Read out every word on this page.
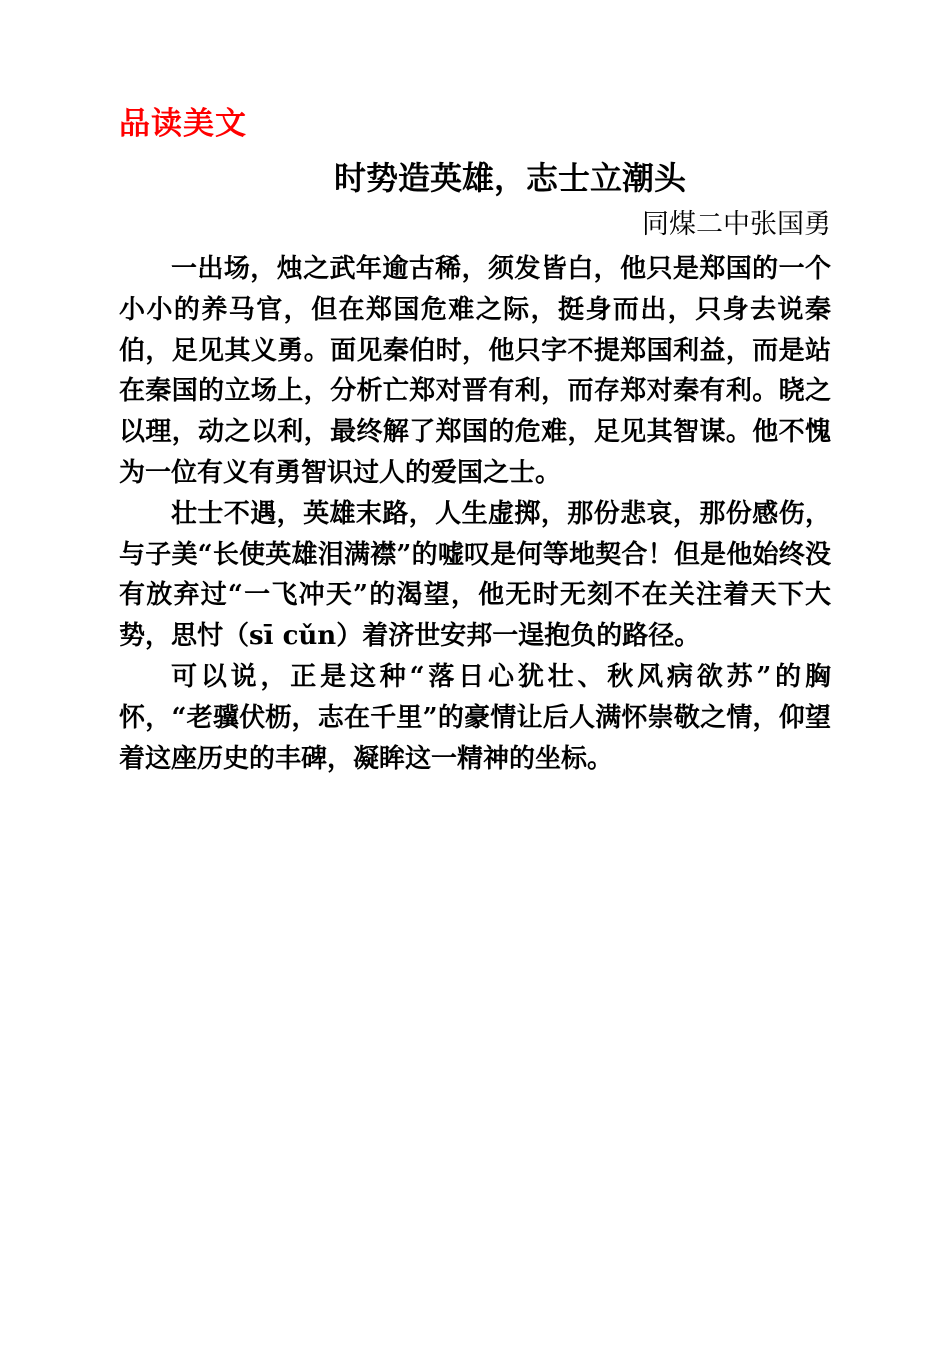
品读美文
时势造英雄，志士立潮头
同煤二中张国勇

一出场，烛之武年逾古稀，须发皆白，他只是郑国的一个小小的养马官，但在郑国危难之际，挺身而出，只身去说秦伯，足见其义勇。面见秦伯时，他只字不提郑国利益，而是站在秦国的立场上，分析亡郑对晋有利，而存郑对秦有利。晓之以理，动之以利，最终解了郑国的危难，足见其智谋。他不愧为一位有义有勇智识过人的爱国之士。

壮士不遇，英雄末路，人生虚掷，那份悲哀，那份感伤，与子美“长使英雄泪满襟”的嘘叹是何等地契合！但是他始终没有放弃过“一飞冲天”的渴望，他无时无刻不在关注着天下大势，思忖（sī cǔn）着济世安邦一逞抱负的路径。

可以说，正是这种“落日心犹壮、秋风病欲苏”的胸怀，“老骥伏枥，志在千里”的豪情让后人满怀崇敬之情，仰望着这座历史的丰碑，凝眸这一精神的坐标。
